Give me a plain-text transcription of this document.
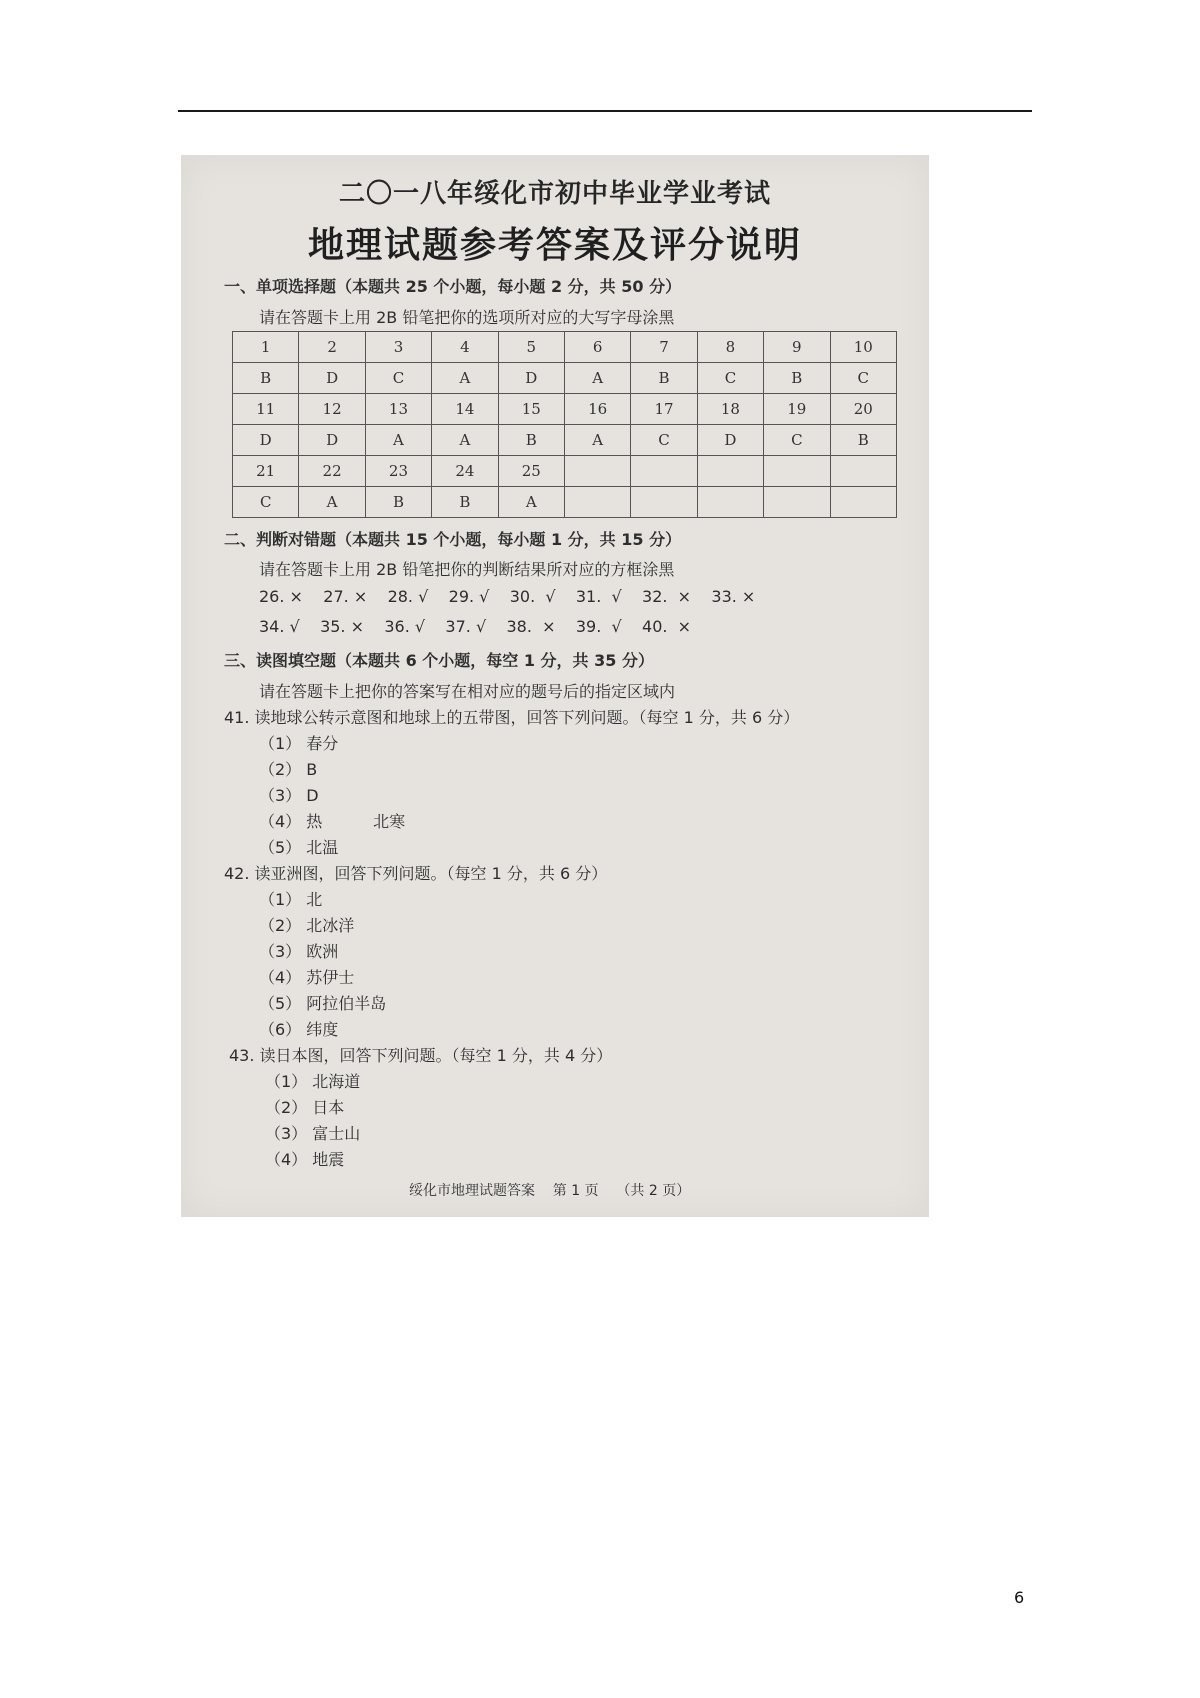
二〇一八年绥化市初中毕业学业考试
地理试题参考答案及评分说明
一、单项选择题（本题共 25 个小题，每小题 2 分，共 50 分）
请在答题卡上用 2B 铅笔把你的选项所对应的大写字母涂黑
1	2	3	4	5	6	7	8	9	10
B	D	C	A	D	A	B	C	B	C
11	12	13	14	15	16	17	18	19	20
D	D	A	A	B	A	C	D	C	B
21	22	23	24	25					
C	A	B	B	A					
二、判断对错题（本题共 15 个小题，每小题 1 分，共 15 分）
请在答题卡上用 2B 铅笔把你的判断结果所对应的方框涂黑
26. ×    27. ×    28. √    29. √    30.  √    31.  √    32.  ×    33. ×
34. √    35. ×    36. √    37. √    38.  ×    39.  √    40.  ×
三、读图填空题（本题共 6 个小题，每空 1 分，共 35 分）
请在答题卡上把你的答案写在相对应的题号后的指定区域内
41. 读地球公转示意图和地球上的五带图，回答下列问题。（每空 1 分，共 6 分）
（1） 春分
（2） B
（3） D
（4） 热          北寒
（5） 北温
42. 读亚洲图，回答下列问题。（每空 1 分，共 6 分）
（1） 北
（2） 北冰洋
（3） 欧洲
（4） 苏伊士
（5） 阿拉伯半岛
（6） 纬度
43. 读日本图，回答下列问题。（每空 1 分，共 4 分）
（1） 北海道
（2） 日本
（3） 富士山
（4） 地震
绥化市地理试题答案    第 1 页    （共 2 页）
6
